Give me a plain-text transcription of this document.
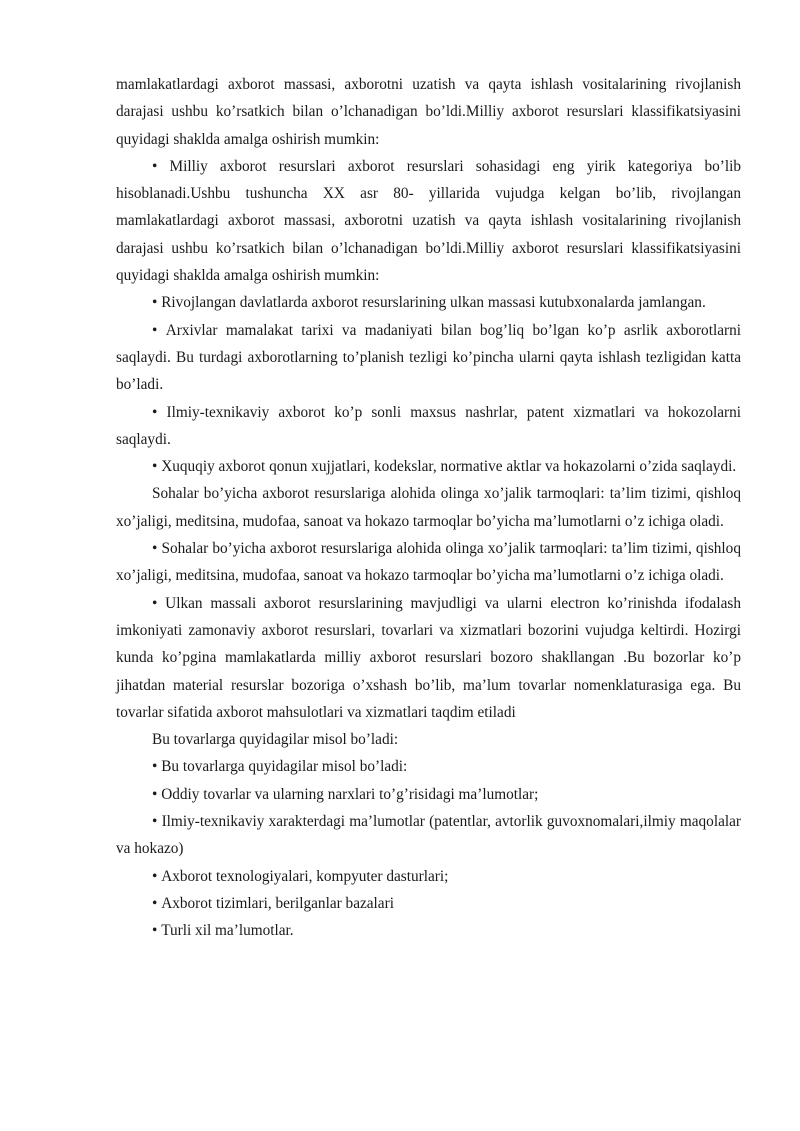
mamlakatlardagi axborot massasi, axborotni uzatish va qayta ishlash vositalarining rivojlanish darajasi ushbu ko’rsatkich bilan o’lchanadigan bo’ldi.Milliy axborot resurslari klassifikatsiyasini quyidagi shaklda amalga oshirish mumkin:

• Milliy axborot resurslari axborot resurslari sohasidagi eng yirik kategoriya bo’lib hisoblanadi.Ushbu tushuncha XX asr 80- yillarida vujudga kelgan bo’lib, rivojlangan mamlakatlardagi axborot massasi, axborotni uzatish va qayta ishlash vositalarining rivojlanish darajasi ushbu ko’rsatkich bilan o’lchanadigan bo’ldi.Milliy axborot resurslari klassifikatsiyasini quyidagi shaklda amalga oshirish mumkin:

• Rivojlangan davlatlarda axborot resurslarining ulkan massasi kutubxonalarda jamlangan.

• Arxivlar mamalakat tarixi va madaniyati bilan bog’liq bo’lgan ko’p asrlik axborotlarni saqlaydi. Bu turdagi axborotlarning to’planish tezligi ko’pincha ularni qayta ishlash tezligidan katta bo’ladi.

• Ilmiy-texnikaviy axborot ko’p sonli maxsus nashrlar, patent xizmatlari va hokozolarni saqlaydi.

• Xuquqiy axborot qonun xujjatlari, kodekslar, normative aktlar va hokazolarni o’zida saqlaydi.

Sohalar bo’yicha axborot resurslariga alohida olinga xo’jalik tarmoqlari: ta’lim tizimi, qishloq xo’jaligi, meditsina, mudofaa, sanoat va hokazo tarmoqlar bo’yicha ma’lumotlarni o’z ichiga oladi.

• Sohalar bo’yicha axborot resurslariga alohida olinga xo’jalik tarmoqlari: ta’lim tizimi, qishloq xo’jaligi, meditsina, mudofaa, sanoat va hokazo tarmoqlar bo’yicha ma’lumotlarni o’z ichiga oladi.

• Ulkan massali axborot resurslarining mavjudligi va ularni electron ko’rinishda ifodalash imkoniyati zamonaviy axborot resurslari, tovarlari va xizmatlari bozorini vujudga keltirdi. Hozirgi kunda ko’pgina mamlakatlarda milliy axborot resurslari bozoro shakllangan .Bu bozorlar ko’p jihatdan material resurslar bozoriga o’xshash bo’lib, ma’lum tovarlar nomenklaturasiga ega. Bu tovarlar sifatida axborot mahsulotlari va xizmatlari taqdim etiladi

Bu tovarlarga quyidagilar misol bo’ladi:

• Bu tovarlarga quyidagilar misol bo’ladi:

• Oddiy tovarlar va ularning narxlari to’g’risidagi ma’lumotlar;

• Ilmiy-texnikaviy xarakterdagi ma’lumotlar (patentlar, avtorlik guvoxnomalari,ilmiy maqolalar va hokazo)

• Axborot texnologiyalari, kompyuter dasturlari;

• Axborot tizimlari, berilganlar bazalari

• Turli xil ma’lumotlar.
